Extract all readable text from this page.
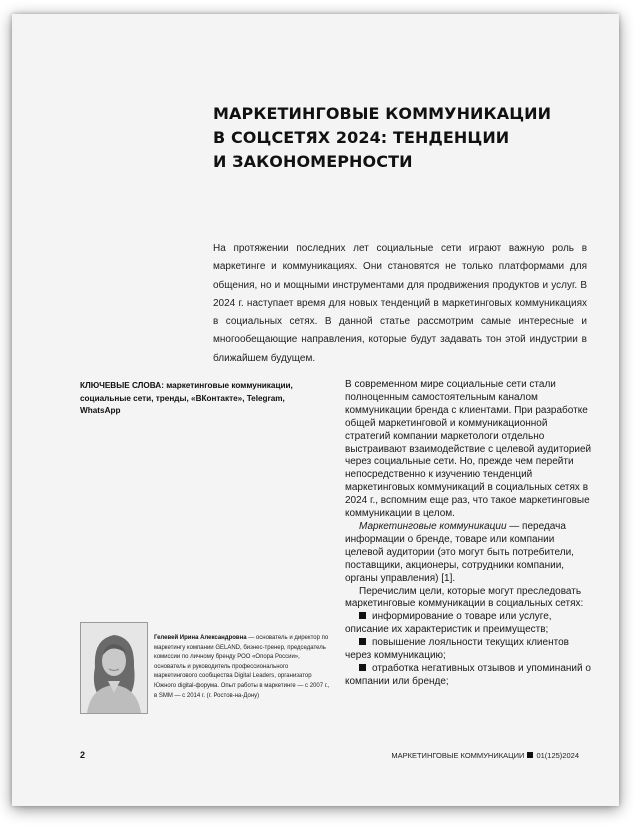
МАРКЕТИНГОВЫЕ КОММУНИКАЦИИ
В СОЦСЕТЯХ 2024: ТЕНДЕНЦИИ
И ЗАКОНОМЕРНОСТИ

На протяжении последних лет социальные сети играют важную роль в маркетинге и коммуникациях. Они становятся не только платформами для общения, но и мощными инструментами для продвижения продуктов и услуг. В 2024 г. наступает время для новых тенденций в маркетинговых коммуникациях в социальных сетях. В данной статье рассмотрим самые интересные и многообещающие направления, которые будут задавать тон этой индустрии в ближайшем будущем.

КЛЮЧЕВЫЕ СЛОВА: маркетинговые коммуникации, социальные сети, тренды, «ВКонтакте», Telegram, WhatsApp

В современном мире социальные сети стали полноценным самостоятельным каналом коммуникации бренда с клиентами. При разработке общей маркетинговой и коммуникационной стратегий компании маркетологи отдельно выстраивают взаимодействие с целевой аудиторией через социальные сети. Но, прежде чем перейти непосредственно к изучению тенденций маркетинговых коммуникаций в социальных сетях в 2024 г., вспомним еще раз, что такое маркетинговые коммуникации в целом.

Маркетинговые коммуникации — передача информации о бренде, товаре или компании целевой аудитории (это могут быть потребители, поставщики, акционеры, сотрудники компании, органы управления) [1].

Перечислим цели, которые могут преследовать маркетинговые коммуникации в социальных сетях:

информирование о товаре или услуге, описание их характеристик и преимуществ;

повышение лояльности текущих клиентов через коммуникацию;

отработка негативных отзывов и упоминаний о компании или бренде;

Гелевей Ирина Александровна — основатель и директор по маркетингу компании GELAND, бизнес-тренер, председатель комиссии по личному бренду РОО «Опора России», основатель и руководитель профессионального маркетингового сообщества Digital Leaders, организатор Южного digital-форума. Опыт работы в маркетинге — с 2007 г., в SMM — с 2014 г. (г. Ростов-на-Дону)
2	МАРКЕТИНГОВЫЕ КОММУНИКАЦИИ 01(125)2024
